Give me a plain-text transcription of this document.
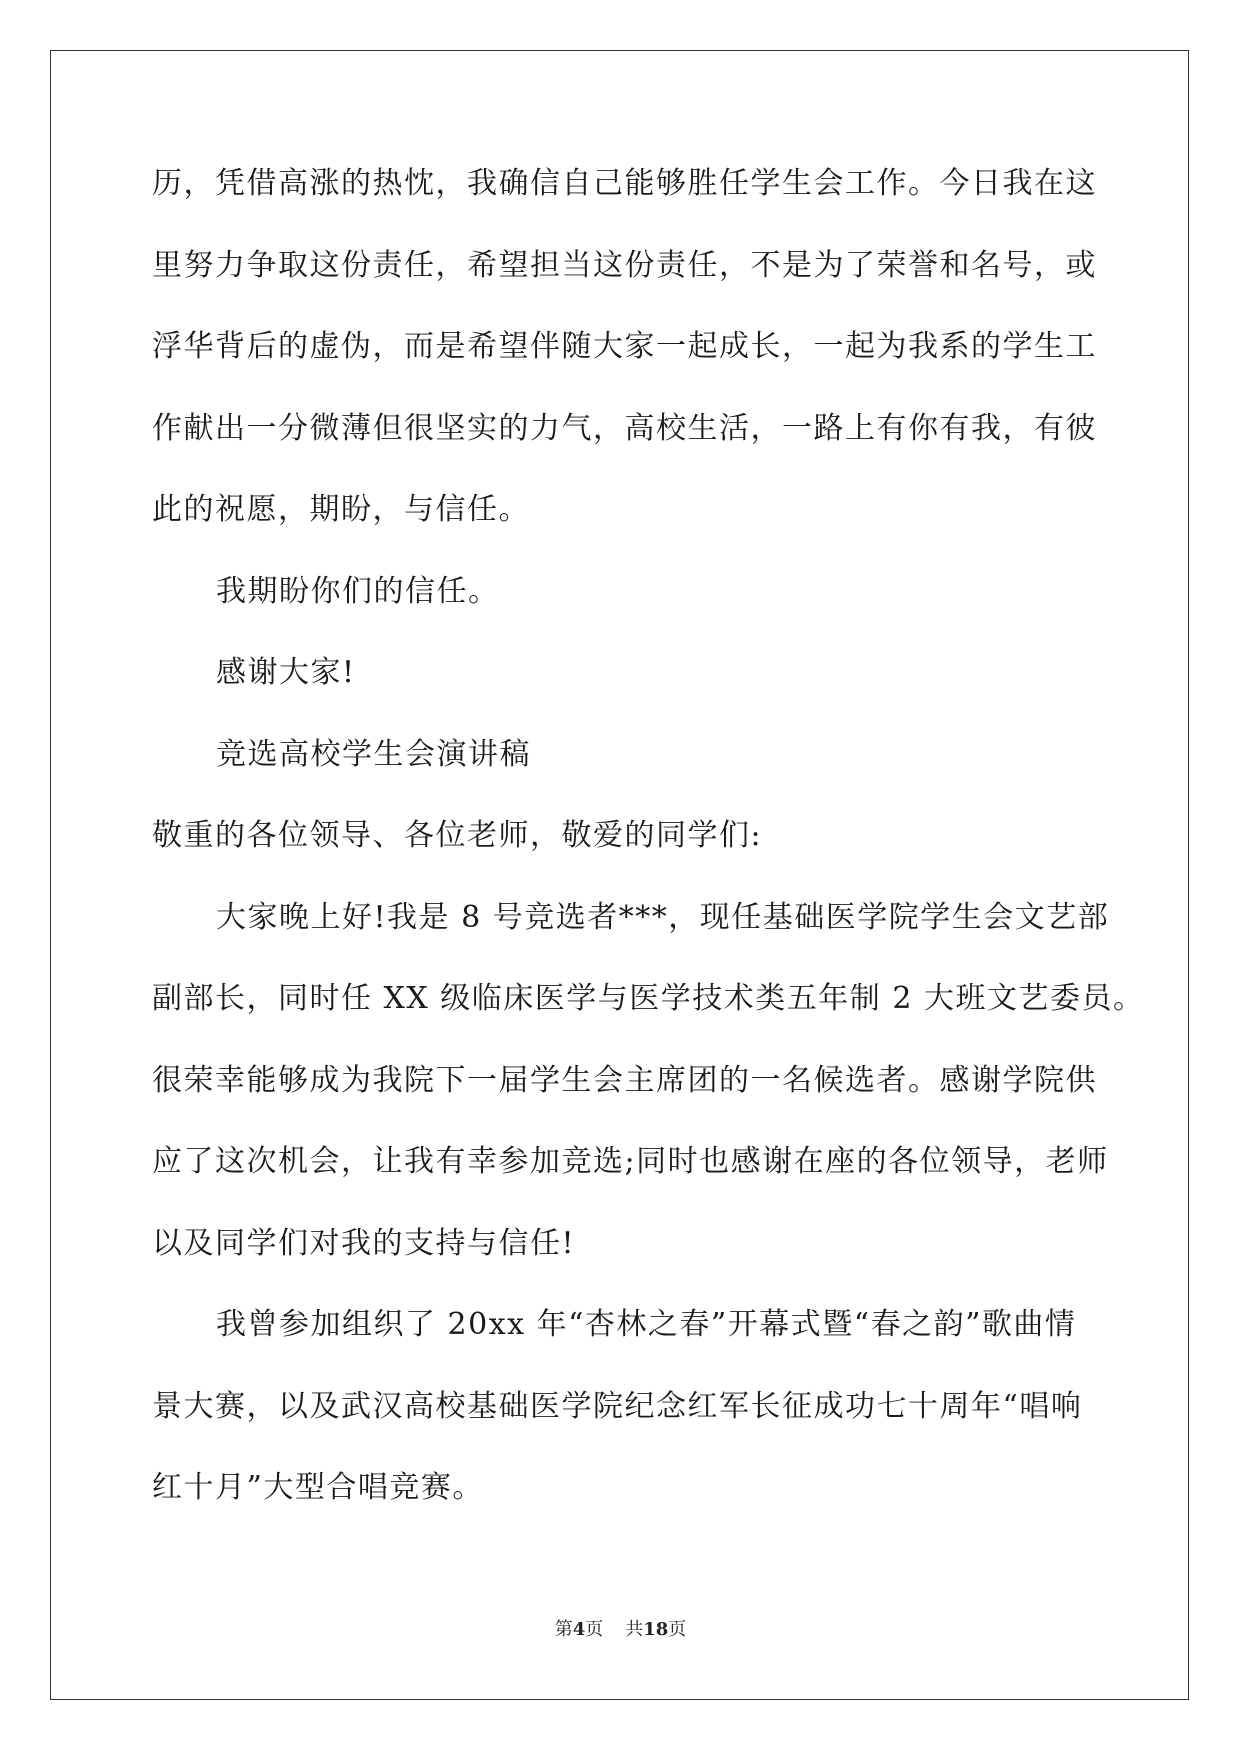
历，凭借高涨的热忱，我确信自己能够胜任学生会工作。今日我在这
里努力争取这份责任，希望担当这份责任，不是为了荣誉和名号，或
浮华背后的虚伪，而是希望伴随大家一起成长，一起为我系的学生工
作献出一分微薄但很坚实的力气，高校生活，一路上有你有我，有彼
此的祝愿，期盼，与信任。
我期盼你们的信任。
感谢大家!
竞选高校学生会演讲稿
敬重的各位领导、各位老师，敬爱的同学们:
大家晚上好!我是 8 号竞选者***，现任基础医学院学生会文艺部
副部长，同时任 XX 级临床医学与医学技术类五年制 2 大班文艺委员。
很荣幸能够成为我院下一届学生会主席团的一名候选者。感谢学院供
应了这次机会，让我有幸参加竞选;同时也感谢在座的各位领导，老师
以及同学们对我的支持与信任!
我曾参加组织了 20xx 年“杏林之春”开幕式暨“春之韵”歌曲情
景大赛，以及武汉高校基础医学院纪念红军长征成功七十周年“唱响
红十月”大型合唱竞赛。
第4页 共18页
